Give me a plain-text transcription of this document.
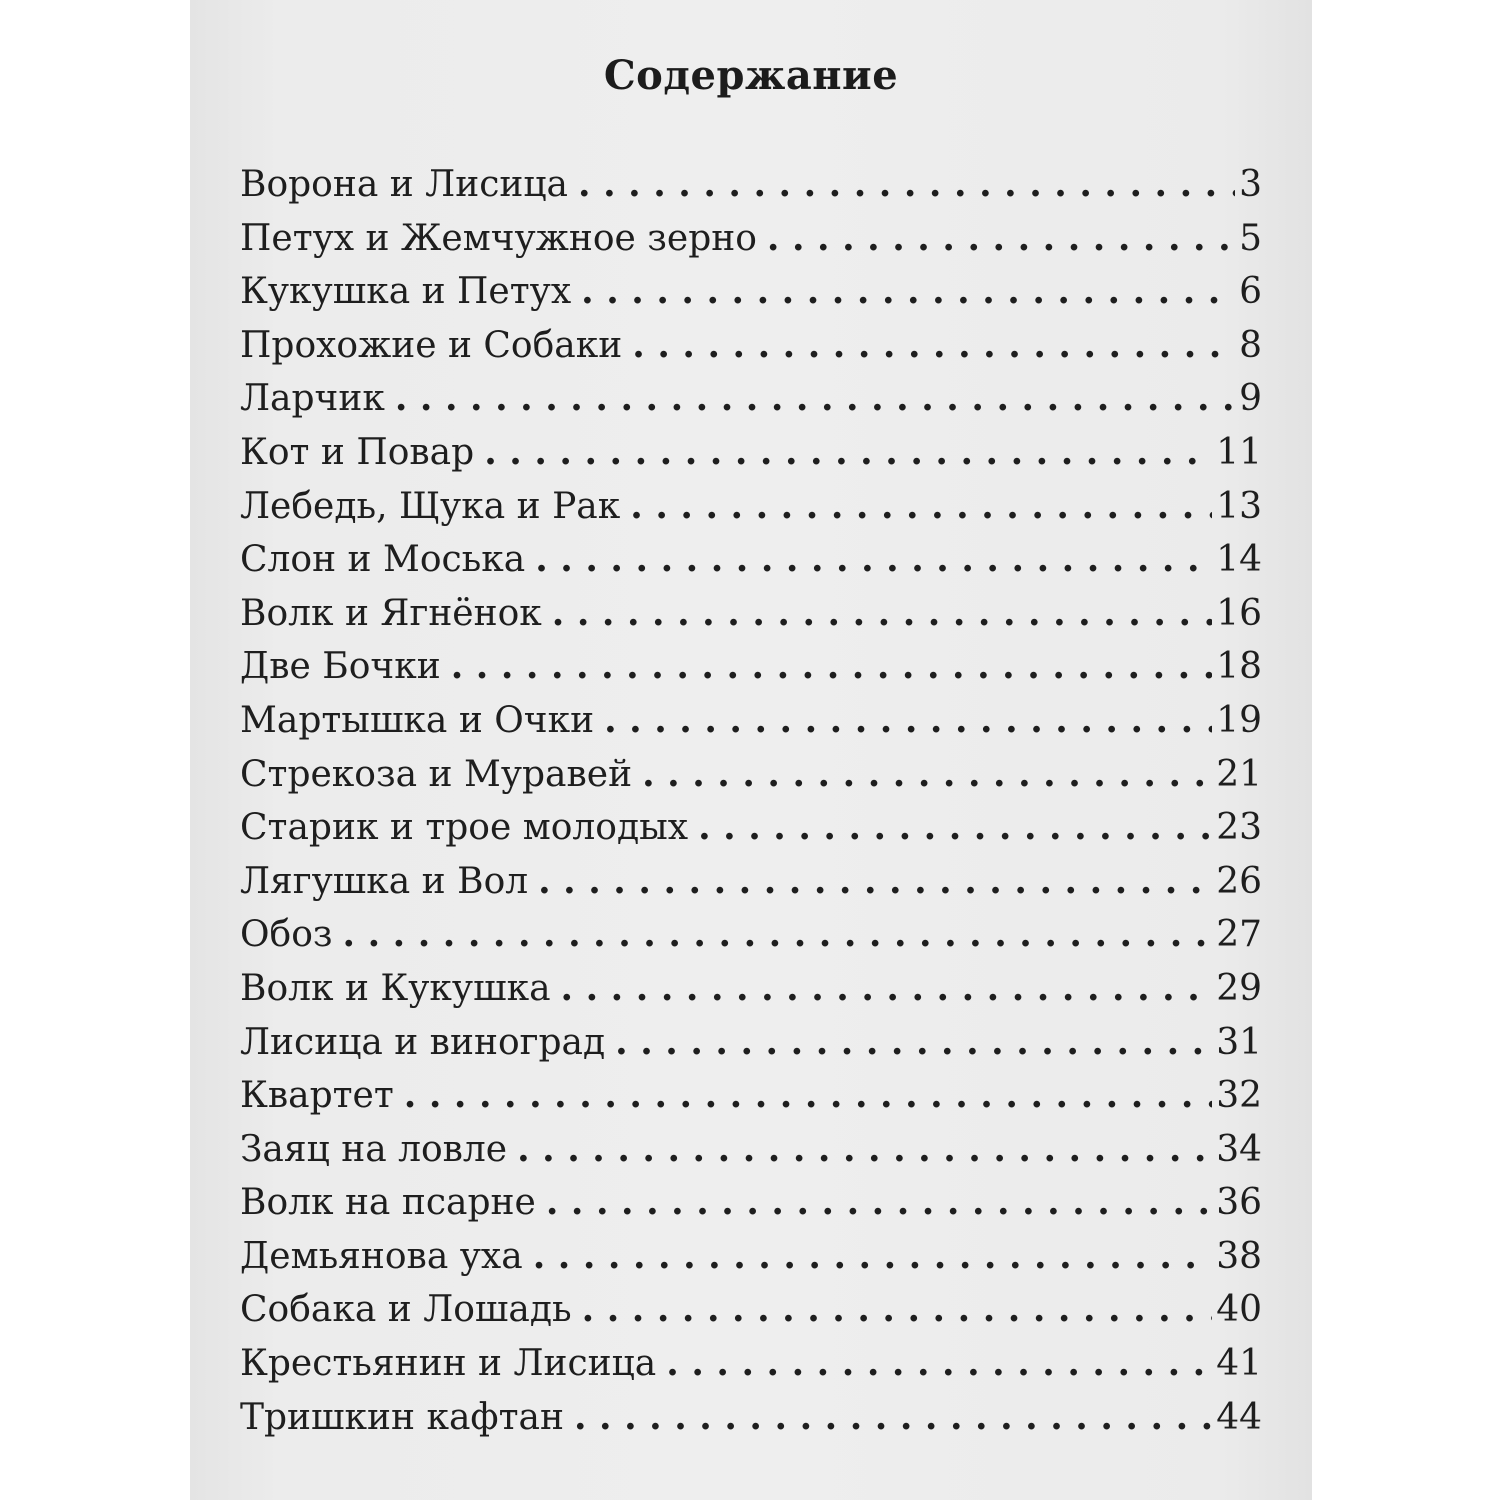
Содержание
Ворона и Лисица . . .	3
Петух и Жемчужное зерно . . .	5
Кукушка и Петух . . .	6
Прохожие и Собаки . . .	8
Ларчик . . .	9
Кот и Повар . . .	11
Лебедь, Щука и Рак . . .	13
Слон и Моська . . .	14
Волк и Ягнёнок . . .	16
Две Бочки . . .	18
Мартышка и Очки . . .	19
Стрекоза и Муравей . . .	21
Старик и трое молодых . . .	23
Лягушка и Вол . . .	26
Обоз . . .	27
Волк и Кукушка . . .	29
Лисица и виноград . . .	31
Квартет . . .	32
Заяц на ловле . . .	34
Волк на псарне . . .	36
Демьянова уха . . .	38
Собака и Лошадь . . .	40
Крестьянин и Лисица . . .	41
Тришкин кафтан . . .	44
